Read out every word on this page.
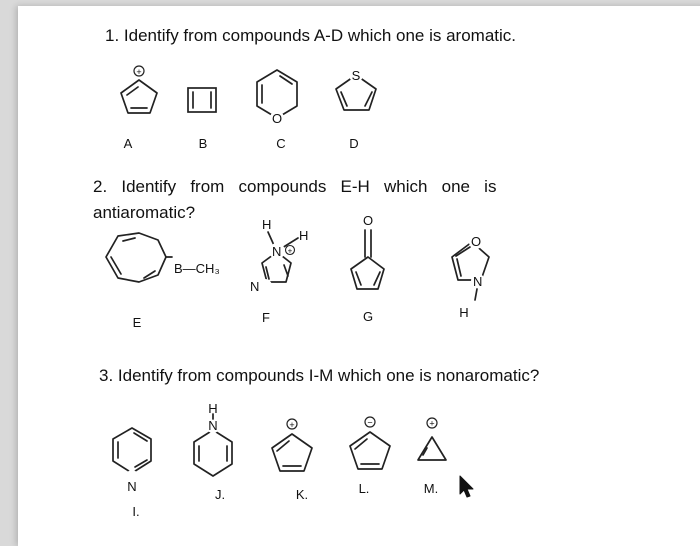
1. Identify from compounds A-D which one is aromatic.
2.   Identify   from   compounds   E-H   which   one   is
antiaromatic?
3. Identify from compounds I-M which one is nonaromatic?
+
A	B
O
C
S
D
B—CH₃
E
H
H
N +
N
F
O
G
O
N
H
N
I.
N
H
J.
+
K.
−
L.
+
M.
